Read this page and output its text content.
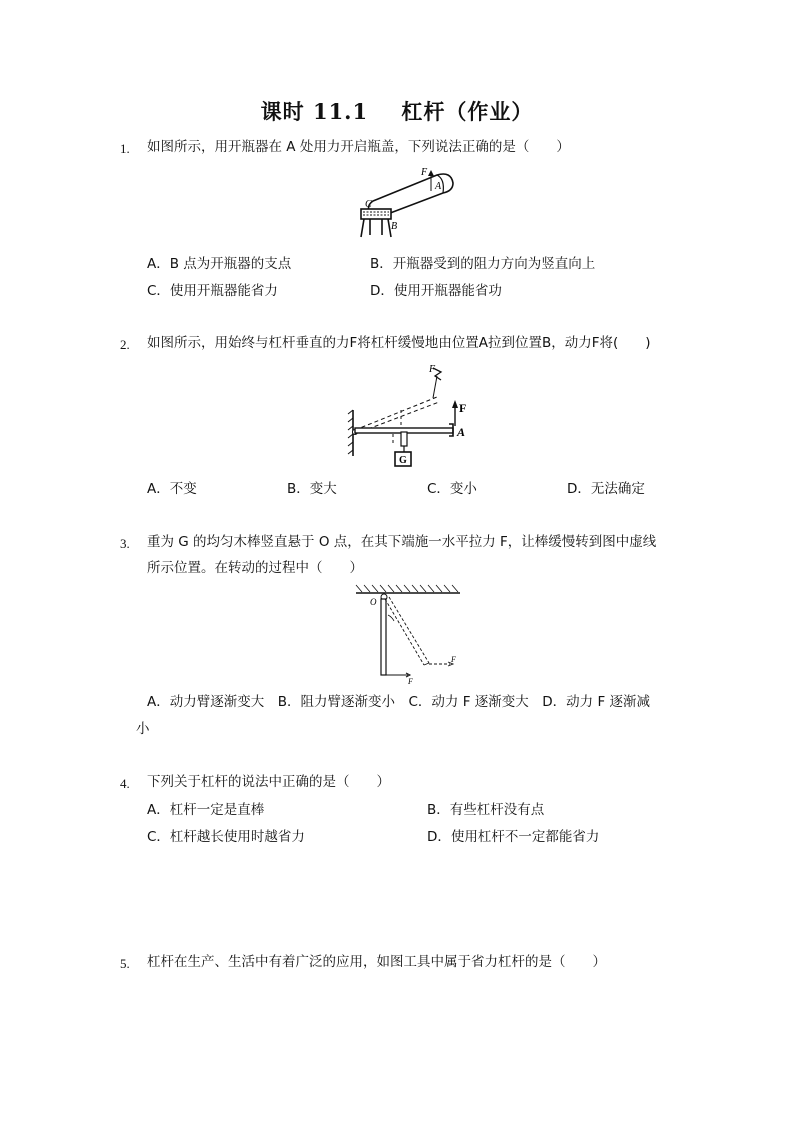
课时 11.1 杠杆（作业）
1. 如图所示，用开瓶器在 A 处用力开启瓶盖，下列说法正确的是（　　）
F
A
C
B
A．B 点为开瓶器的支点	B．开瓶器受到的阻力方向为竖直向上
C．使用开瓶器能省力	D．使用开瓶器能省功
2. 如图所示，用始终与杠杆垂直的力F将杠杆缓慢地由位置A拉到位置B，动力F将(　　)
F
F
A
G
A．不变	B．变大	C．变小	D．无法确定
3. 重为 G 的均匀木棒竖直悬于 O 点，在其下端施一水平拉力 F，让棒缓慢转到图中虚线
所示位置。在转动的过程中（　　）
O
F
F
A．动力臂逐渐变大　B．阻力臂逐渐变小　C．动力 F 逐渐变大　D．动力 F 逐渐减
小
4. 下列关于杠杆的说法中正确的是（　　）
A．杠杆一定是直棒	B．有些杠杆没有点
C．杠杆越长使用时越省力	D．使用杠杆不一定都能省力
5. 杠杆在生产、生活中有着广泛的应用，如图工具中属于省力杠杆的是（　　）
